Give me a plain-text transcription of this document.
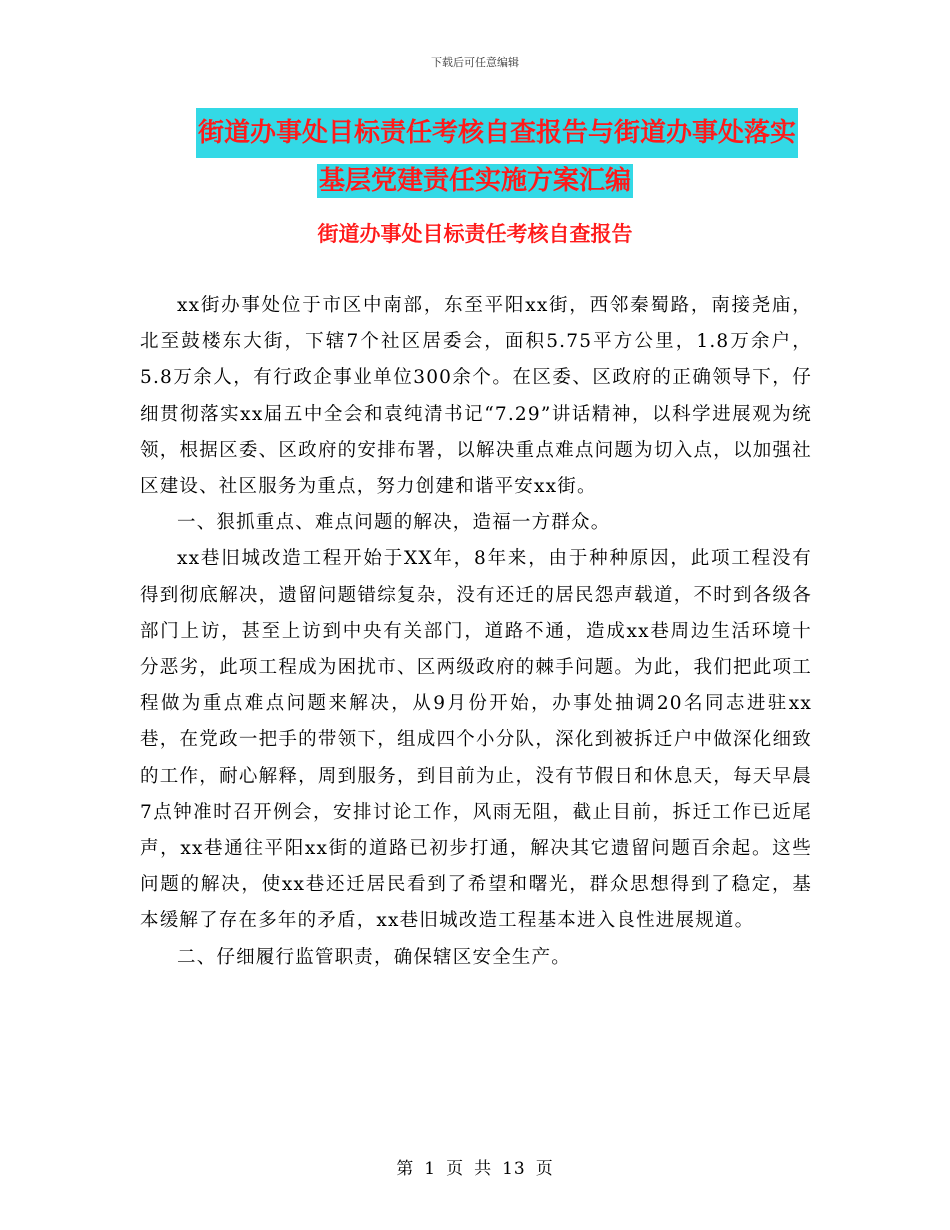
下载后可任意编辑
街道办事处目标责任考核自查报告与街道办事处落实
基层党建责任实施方案汇编
街道办事处目标责任考核自查报告

xx街办事处位于市区中南部，东至平阳xx街，西邻秦蜀路，南接尧庙，北至鼓楼东大街，下辖7个社区居委会，面积5.75平方公里，1.8万余户，5.8万余人，有行政企事业单位300余个。在区委、区政府的正确领导下，仔细贯彻落实xx届五中全会和袁纯清书记“7.29”讲话精神，以科学进展观为统领，根据区委、区政府的安排布署，以解决重点难点问题为切入点，以加强社区建设、社区服务为重点，努力创建和谐平安xx街。

一、狠抓重点、难点问题的解决，造福一方群众。

xx巷旧城改造工程开始于XX年，8年来，由于种种原因，此项工程没有得到彻底解决，遗留问题错综复杂，没有还迁的居民怨声载道，不时到各级各部门上访，甚至上访到中央有关部门，道路不通，造成xx巷周边生活环境十分恶劣，此项工程成为困扰市、区两级政府的棘手问题。为此，我们把此项工程做为重点难点问题来解决，从9月份开始，办事处抽调20名同志进驻xx巷，在党政一把手的带领下，组成四个小分队，深化到被拆迁户中做深化细致的工作，耐心解释，周到服务，到目前为止，没有节假日和休息天，每天早晨7点钟准时召开例会，安排讨论工作，风雨无阻，截止目前，拆迁工作已近尾声，xx巷通往平阳xx街的道路已初步打通，解决其它遗留问题百余起。这些问题的解决，使xx巷还迁居民看到了希望和曙光，群众思想得到了稳定，基本缓解了存在多年的矛盾，xx巷旧城改造工程基本进入良性进展规道。

二、仔细履行监管职责，确保辖区安全生产。

第 1 页 共 13 页
